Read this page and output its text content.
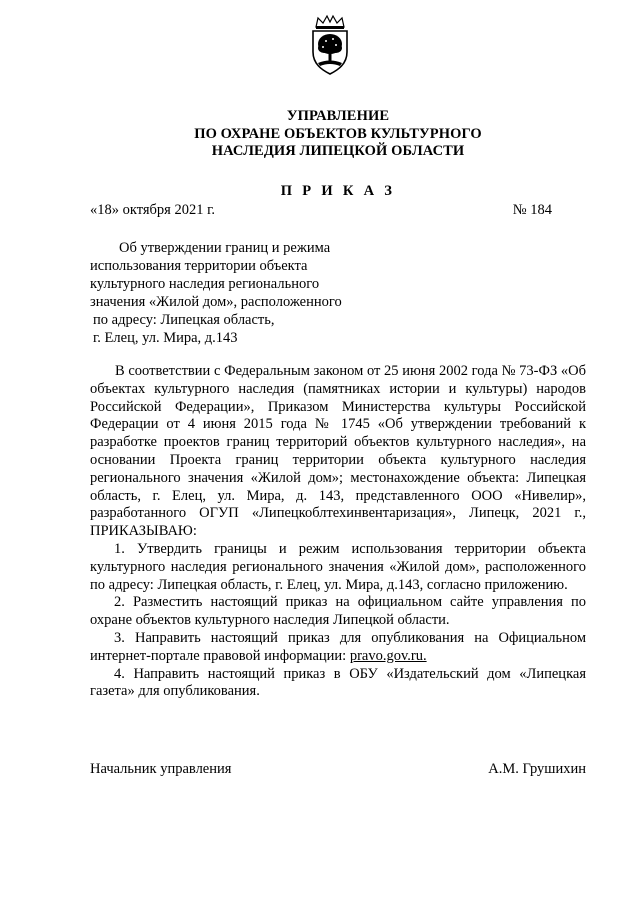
УПРАВЛЕНИЕ
ПО ОХРАНЕ ОБЪЕКТОВ КУЛЬТУРНОГО
НАСЛЕДИЯ ЛИПЕЦКОЙ ОБЛАСТИ
П Р И К А З
«18» октября 2021 г.	№ 184
Об утверждении границ и режима
использования территории объекта
культурного наследия регионального
значения «Жилой дом», расположенного
по адресу: Липецкая область,
г. Елец, ул. Мира, д.143

В соответствии с Федеральным законом от 25 июня 2002 года № 73-ФЗ «Об объектах культурного наследия (памятниках истории и культуры) народов Российской Федерации», Приказом Министерства культуры Российской Федерации от 4 июня 2015 года № 1745 «Об утверждении требований к разработке проектов границ территорий объектов культурного наследия», на основании Проекта границ территории объекта культурного наследия регионального значения «Жилой дом»; местонахождение объекта: Липецкая область, г. Елец, ул. Мира, д. 143, представленного ООО «Нивелир», разработанного ОГУП «Липецкоблтехинвентаризация», Липецк, 2021 г., ПРИКАЗЫВАЮ:

1. Утвердить границы и режим использования территории объекта культурного наследия регионального значения «Жилой дом», расположенного по адресу: Липецкая область, г. Елец, ул. Мира, д.143, согласно приложению.

2. Разместить настоящий приказ на официальном сайте управления по охране объектов культурного наследия Липецкой области.

3. Направить настоящий приказ для опубликования на Официальном интернет-портале правовой информации: pravo.gov.ru.

4. Направить настоящий приказ в ОБУ «Издательский дом «Липецкая газета» для опубликования.

Начальник управления	А.М. Грушихин
